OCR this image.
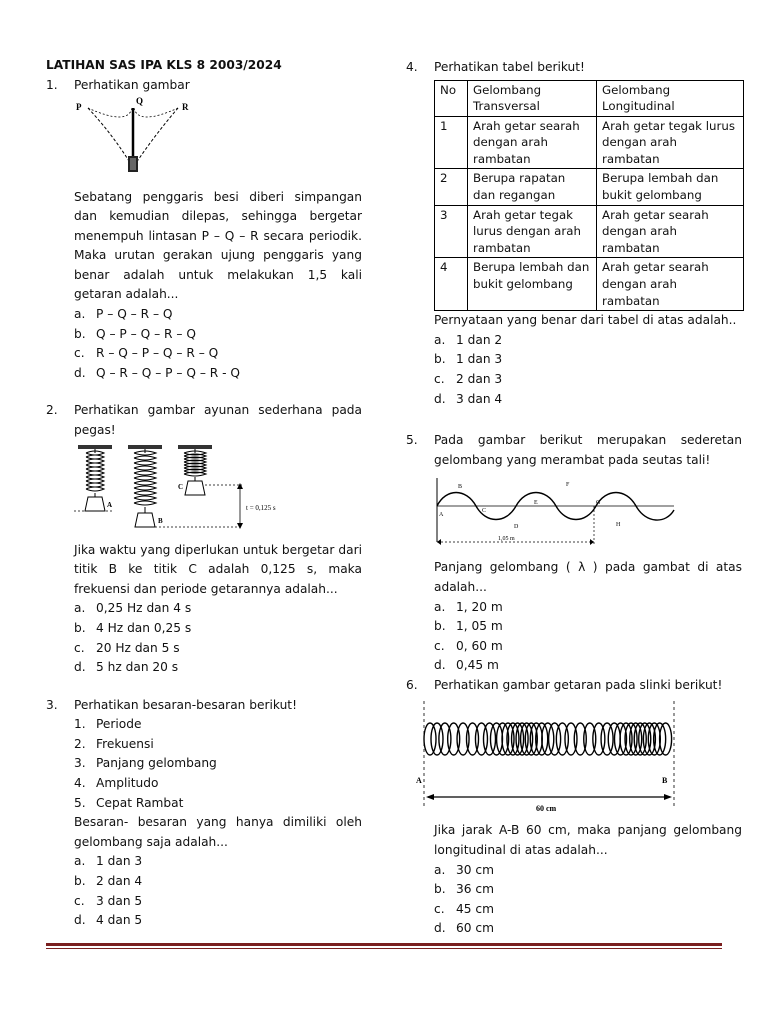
LATIHAN SAS IPA KLS 8 2003/2024
1. Perhatikan gambar
P
Q
R
Sebatang penggaris besi diberi simpangan dan kemudian dilepas, sehingga bergetar menempuh lintasan P – Q – R secara periodik. Maka urutan gerakan ujung penggaris yang benar adalah untuk melakukan 1,5 kali getaran adalah...
a. P – Q – R – Q
b. Q – P – Q – R – Q
c. R – Q – P – Q – R – Q
d. Q – R – Q – P – Q – R - Q
2. Perhatikan gambar ayunan sederhana pada pegas!
A
B
C
t = 0,125 s
Jika waktu yang diperlukan untuk bergetar dari titik B ke titik C adalah 0,125 s, maka frekuensi dan periode getarannya adalah...
a. 0,25 Hz dan 4 s
b. 4 Hz dan 0,25 s
c. 20 Hz dan 5 s
d. 5 hz dan 20 s
3. Perhatikan besaran-besaran berikut!
1. Periode
2. Frekuensi
3. Panjang gelombang
4. Amplitudo
5. Cepat Rambat
Besaran- besaran yang hanya dimiliki oleh gelombang saja adalah...
a. 1 dan 3
b. 2 dan 4
c. 3 dan 5
d. 4 dan 5
4. Perhatikan tabel berikut!
No	Gelombang Transversal	Gelombang Longitudinal
1	Arah getar searah dengan arah rambatan	Arah getar tegak lurus dengan arah rambatan
2	Berupa rapatan dan regangan	Berupa lembah dan bukit gelombang
3	Arah getar tegak lurus dengan arah rambatan	Arah getar searah dengan arah rambatan
4	Berupa lembah dan bukit gelombang	Arah getar searah dengan arah rambatan
Pernyataan yang benar dari tabel di atas adalah..
a. 1 dan 2
b. 1 dan 3
c. 2 dan 3
d. 3 dan 4
5. Pada gambar berikut merupakan sederetan gelombang yang merambat pada seutas tali!
A
B
C
D
E
F
G
H
1,05 m
Panjang gelombang ( λ ) pada gambat di atas adalah...
a. 1, 20 m
b. 1, 05 m
c. 0, 60 m
d. 0,45 m
6. Perhatikan gambar getaran pada slinki berikut!
A	B
60 cm
Jika jarak A-B 60 cm, maka panjang gelombang longitudinal di atas adalah...
a. 30 cm
b. 36 cm
c. 45 cm
d. 60 cm
